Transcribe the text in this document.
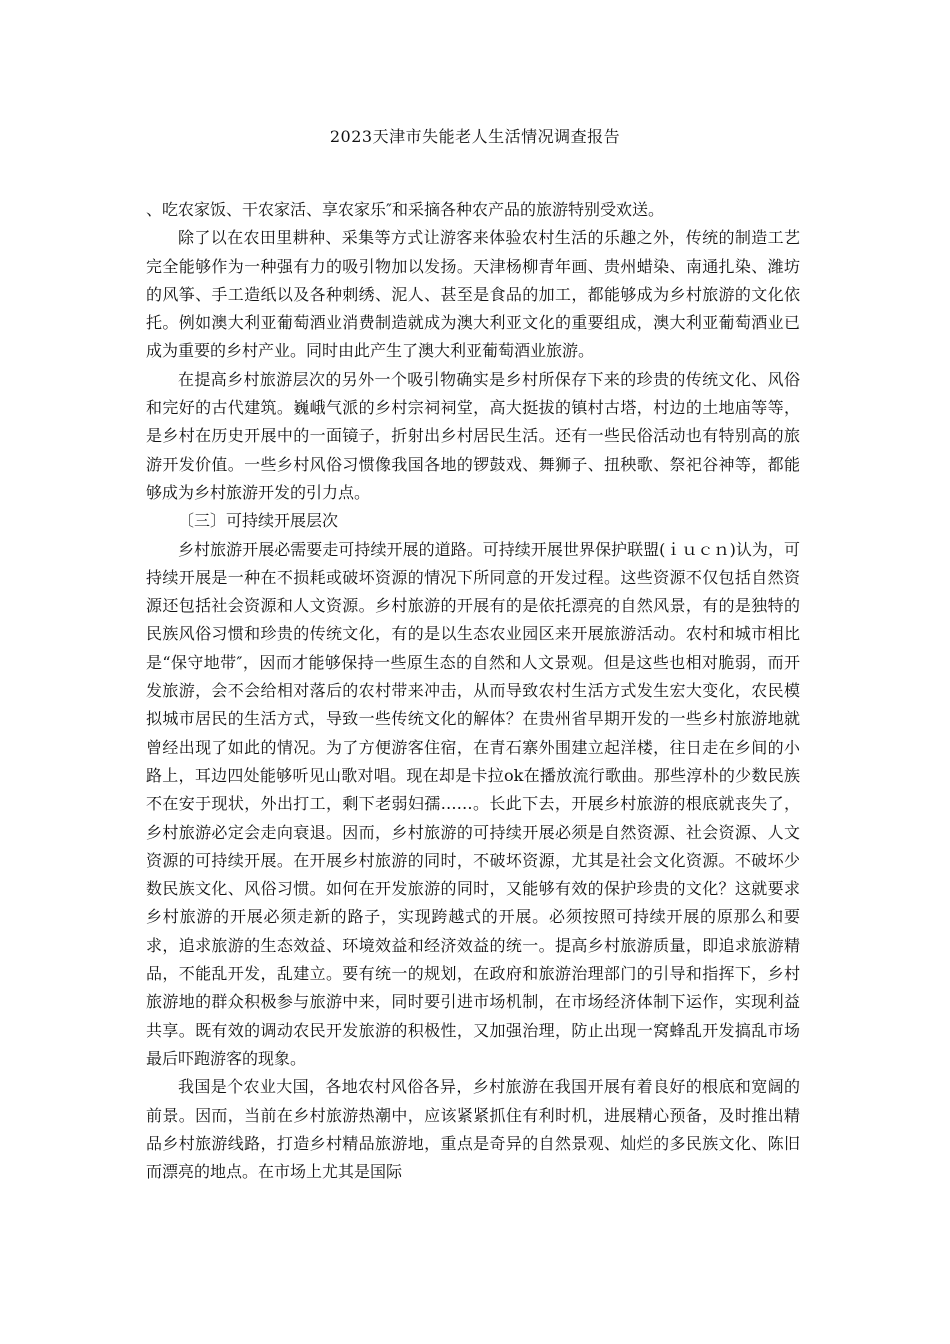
2023天津市失能老人生活情况调查报告

、吃农家饭、干农家活、享农家乐″和采摘各种农产品的旅游特别受欢送。

除了以在农田里耕种、采集等方式让游客来体验农村生活的乐趣之外，传统的制造工艺完全能够作为一种强有力的吸引物加以发扬。天津杨柳青年画、贵州蜡染、南通扎染、潍坊的风筝、手工造纸以及各种刺绣、泥人、甚至是食品的加工，都能够成为乡村旅游的文化依托。例如澳大利亚葡萄酒业消费制造就成为澳大利亚文化的重要组成，澳大利亚葡萄酒业已成为重要的乡村产业。同时由此产生了澳大利亚葡萄酒业旅游。

在提高乡村旅游层次的另外一个吸引物确实是乡村所保存下来的珍贵的传统文化、风俗和完好的古代建筑。巍峨气派的乡村宗祠祠堂，高大挺拔的镇村古塔，村边的土地庙等等，是乡村在历史开展中的一面镜子，折射出乡村居民生活。还有一些民俗活动也有特别高的旅游开发价值。一些乡村风俗习惯像我国各地的锣鼓戏、舞狮子、扭秧歌、祭祀谷神等，都能够成为乡村旅游开发的引力点。

〔三〕可持续开展层次

乡村旅游开展必需要走可持续开展的道路。可持续开展世界保护联盟(ｉｕｃｎ)认为，可持续开展是一种在不损耗或破坏资源的情况下所同意的开发过程。这些资源不仅包括自然资源还包括社会资源和人文资源。乡村旅游的开展有的是依托漂亮的自然风景，有的是独特的民族风俗习惯和珍贵的传统文化，有的是以生态农业园区来开展旅游活动。农村和城市相比是“保守地带″，因而才能够保持一些原生态的自然和人文景观。但是这些也相对脆弱，而开发旅游，会不会给相对落后的农村带来冲击，从而导致农村生活方式发生宏大变化，农民模拟城市居民的生活方式，导致一些传统文化的解体？在贵州省早期开发的一些乡村旅游地就曾经出现了如此的情况。为了方便游客住宿，在青石寨外围建立起洋楼，往日走在乡间的小路上，耳边四处能够听见山歌对唱。现在却是卡拉ok在播放流行歌曲。那些淳朴的少数民族不在安于现状，外出打工，剩下老弱妇孺……。长此下去，开展乡村旅游的根底就丧失了，乡村旅游必定会走向衰退。因而，乡村旅游的可持续开展必须是自然资源、社会资源、人文资源的可持续开展。在开展乡村旅游的同时，不破坏资源，尤其是社会文化资源。不破坏少数民族文化、风俗习惯。如何在开发旅游的同时，又能够有效的保护珍贵的文化？这就要求乡村旅游的开展必须走新的路子，实现跨越式的开展。必须按照可持续开展的原那么和要求，追求旅游的生态效益、环境效益和经济效益的统一。提高乡村旅游质量，即追求旅游精品，不能乱开发，乱建立。要有统一的规划，在政府和旅游治理部门的引导和指挥下，乡村旅游地的群众积极参与旅游中来，同时要引进市场机制，在市场经济体制下运作，实现利益共享。既有效的调动农民开发旅游的积极性，又加强治理，防止出现一窝蜂乱开发搞乱市场最后吓跑游客的现象。

我国是个农业大国，各地农村风俗各异，乡村旅游在我国开展有着良好的根底和宽阔的前景。因而，当前在乡村旅游热潮中，应该紧紧抓住有利时机，进展精心预备，及时推出精品乡村旅游线路，打造乡村精品旅游地，重点是奇异的自然景观、灿烂的多民族文化、陈旧而漂亮的地点。在市场上尤其是国际
